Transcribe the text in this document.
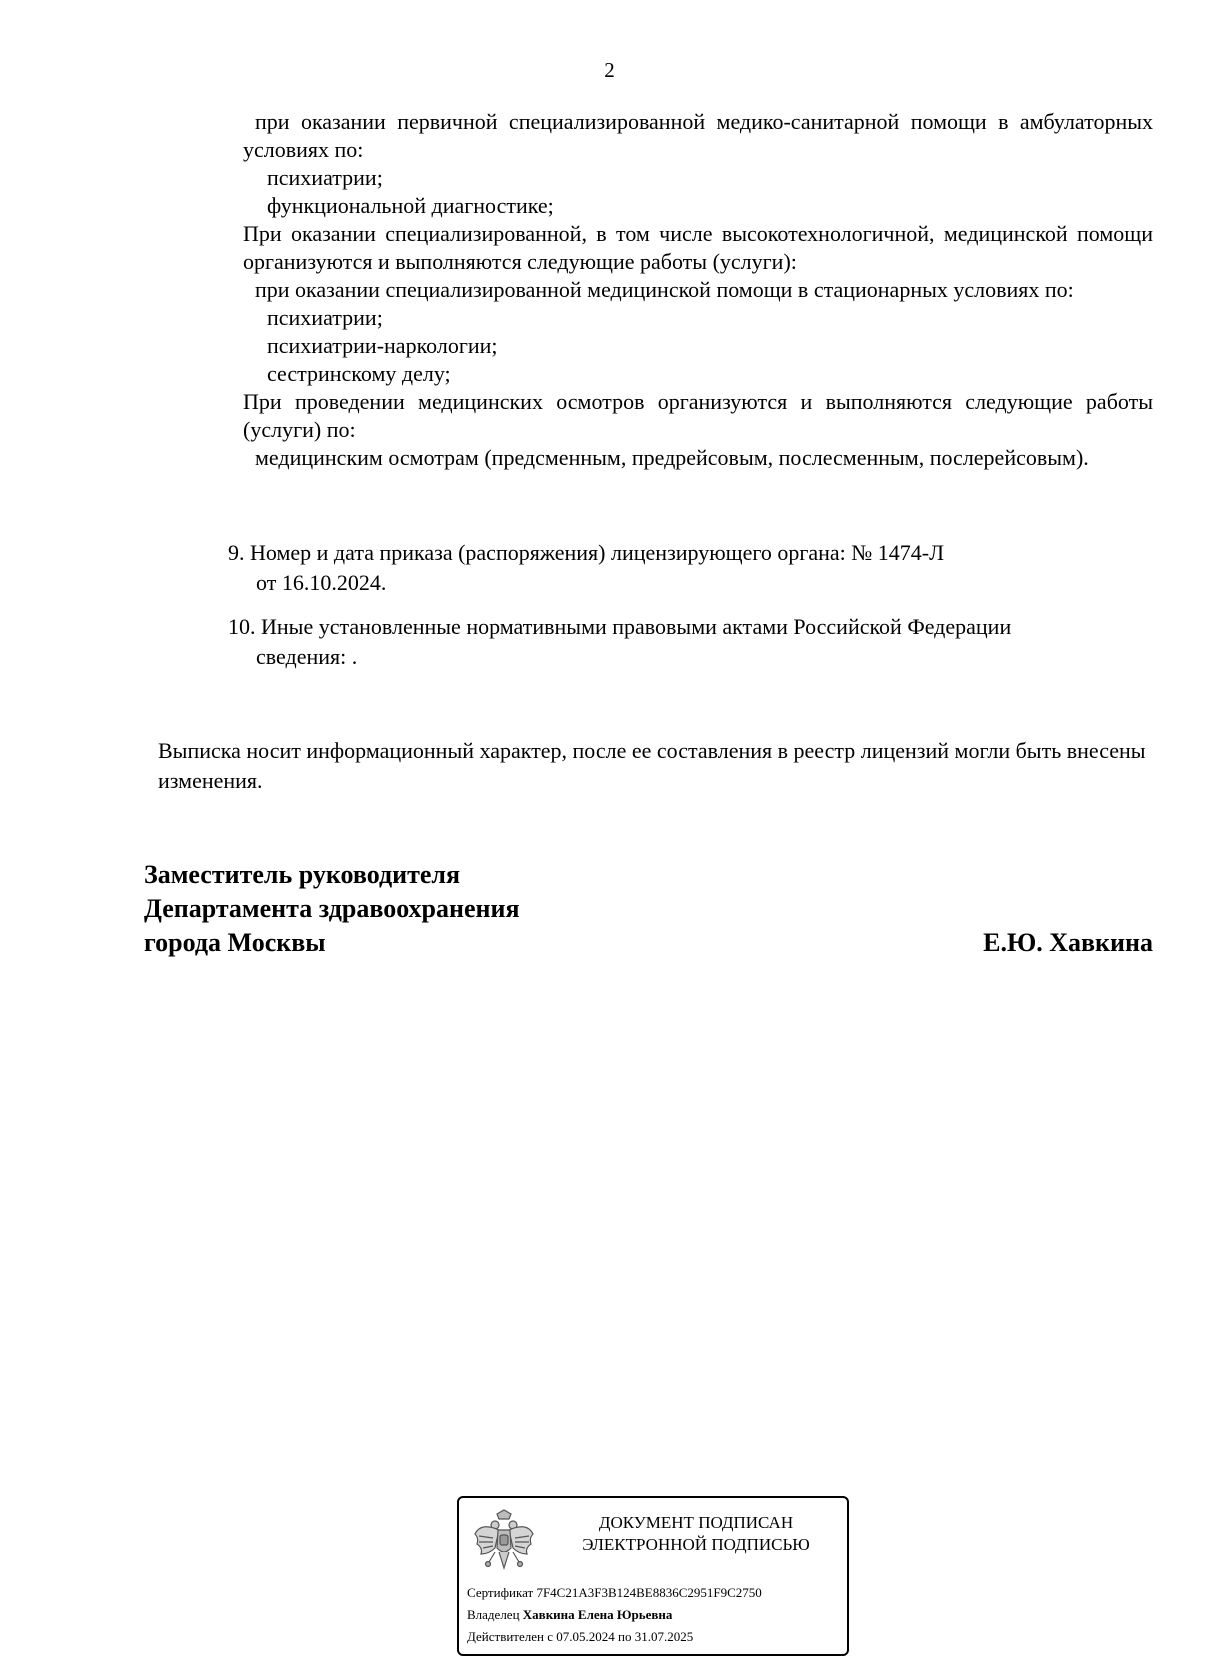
2

при оказании первичной специализированной медико-санитарной помощи в амбулаторных условиях по:

психиатрии;

функциональной диагностике;

При оказании специализированной, в том числе высокотехнологичной, медицинской помощи организуются и выполняются следующие работы (услуги):

при оказании специализированной медицинской помощи в стационарных условиях по:

психиатрии;

психиатрии-наркологии;

сестринскому делу;

При проведении медицинских осмотров организуются и выполняются следующие работы (услуги) по:

медицинским осмотрам (предсменным, предрейсовым, послесменным, послерейсовым).

9. Номер и дата приказа (распоряжения) лицензирующего органа: № 1474-Л
от 16.10.2024.
10. Иные установленные нормативными правовыми актами Российской Федерации
сведения: .
Выписка носит информационный характер, после ее составления в реестр лицензий могли быть внесены изменения.
Заместитель руководителя
Департамента здравоохранения
города Москвы	Е.Ю. Хавкина
ДОКУМЕНТ ПОДПИСАН
ЭЛЕКТРОННОЙ ПОДПИСЬЮ
Сертификат 7F4C21A3F3B124BE8836C2951F9C2750
Владелец Хавкина Елена Юрьевна
Действителен с 07.05.2024 по 31.07.2025
